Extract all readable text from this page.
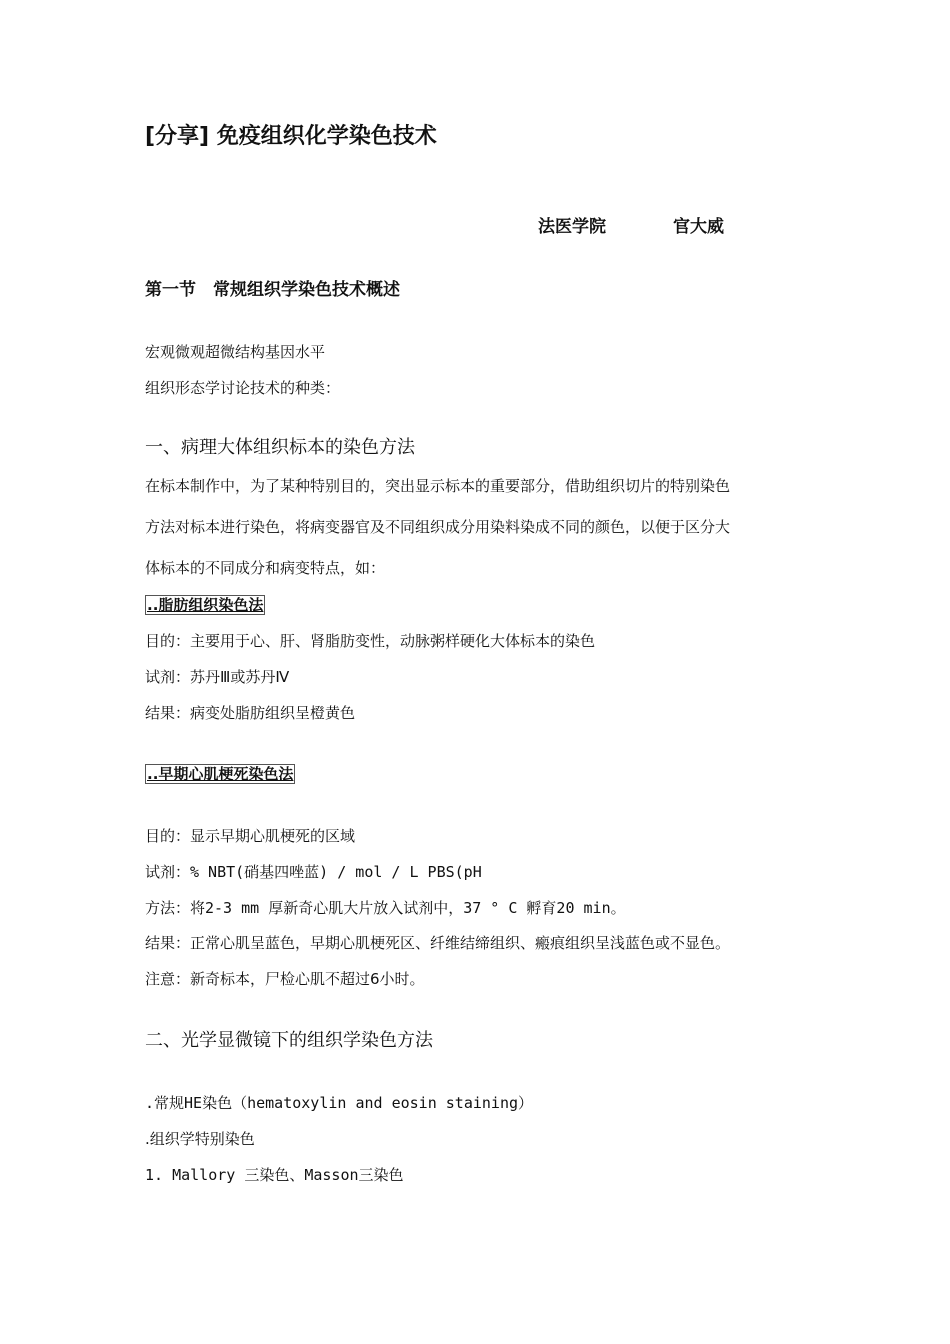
[分享] 免疫组织化学染色技术
法医学院	官大威
第一节　常规组织学染色技术概述
宏观微观超微结构基因水平
组织形态学讨论技术的种类：
一、病理大体组织标本的染色方法
在标本制作中，为了某种特别目的，突出显示标本的重要部分，借助组织切片的特别染色
方法对标本进行染色，将病变器官及不同组织成分用染料染成不同的颜色，以便于区分大
体标本的不同成分和病变特点，如：
..脂肪组织染色法
目的：主要用于心、肝、肾脂肪变性，动脉粥样硬化大体标本的染色
试剂：苏丹Ⅲ或苏丹Ⅳ
结果：病变处脂肪组织呈橙黄色
..早期心肌梗死染色法
目的：显示早期心肌梗死的区域
试剂：% NBT(硝基四唑蓝) / mol / L PBS(pH
方法：将2-3 mm 厚新奇心肌大片放入试剂中，37 ° C 孵育20 min。
结果：正常心肌呈蓝色，早期心肌梗死区、纤维结缔组织、瘢痕组织呈浅蓝色或不显色。
注意：新奇标本，尸检心肌不超过6小时。
二、光学显微镜下的组织学染色方法
.常规HE染色（hematoxylin and eosin staining）
.组织学特别染色
1. Mallory 三染色、Masson三染色
